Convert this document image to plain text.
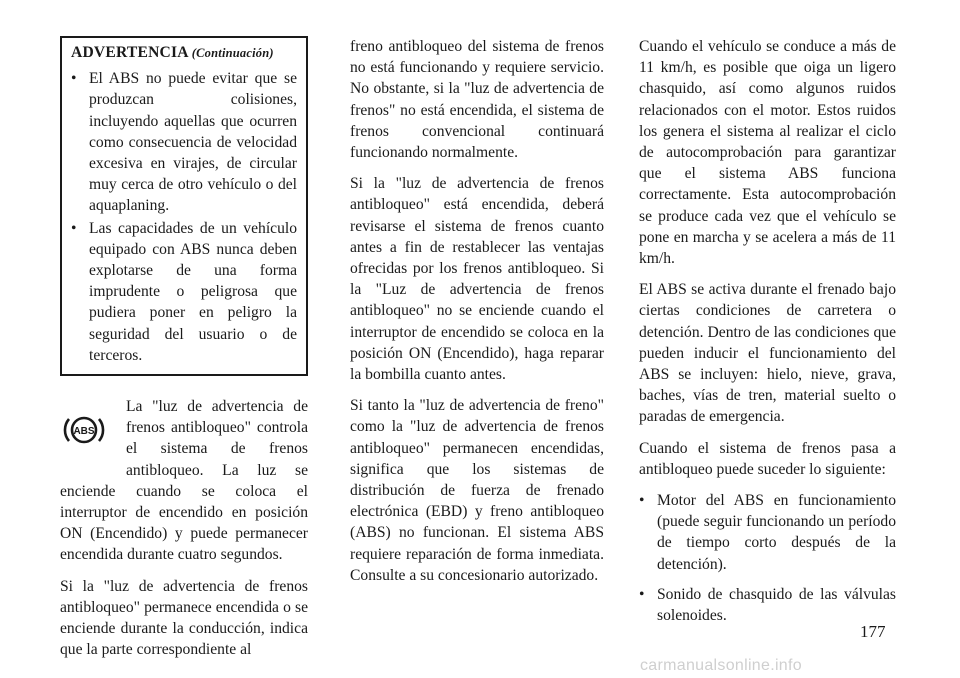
ADVERTENCIA (Continuación)
• El ABS no puede evitar que se produzcan colisiones, incluyendo aquellas que ocurren como consecuencia de velocidad excesiva en virajes, de circular muy cerca de otro vehículo o del aquaplaning.
• Las capacidades de un vehículo equipado con ABS nunca deben explotarse de una forma imprudente o peligrosa que pudiera poner en peligro la seguridad del usuario o de terceros.

ABS
La "luz de advertencia de frenos antibloqueo" controla el sistema de frenos antibloqueo. La luz se enciende cuando se coloca el interruptor de encendido en posición ON (Encendido) y puede permanecer encendida durante cuatro segundos.

Si la "luz de advertencia de frenos antibloqueo" permanece encendida o se enciende durante la conducción, indica que la parte correspondiente al

freno antibloqueo del sistema de frenos no está funcionando y requiere servicio. No obstante, si la "luz de advertencia de frenos" no está encendida, el sistema de frenos convencional continuará funcionando normalmente.

Si la "luz de advertencia de frenos antibloqueo" está encendida, deberá revisarse el sistema de frenos cuanto antes a fin de restablecer las ventajas ofrecidas por los frenos antibloqueo. Si la "Luz de advertencia de frenos antibloqueo" no se enciende cuando el interruptor de encendido se coloca en la posición ON (Encendido), haga reparar la bombilla cuanto antes.

Si tanto la "luz de advertencia de freno" como la "luz de advertencia de frenos antibloqueo" permanecen encendidas, significa que los sistemas de distribución de fuerza de frenado electrónica (EBD) y freno antibloqueo (ABS) no funcionan. El sistema ABS requiere reparación de forma inmediata. Consulte a su concesionario autorizado.

Cuando el vehículo se conduce a más de 11 km/h, es posible que oiga un ligero chasquido, así como algunos ruidos relacionados con el motor. Estos ruidos los genera el sistema al realizar el ciclo de autocomprobación para garantizar que el sistema ABS funciona correctamente. Esta autocomprobación se produce cada vez que el vehículo se pone en marcha y se acelera a más de 11 km/h.

El ABS se activa durante el frenado bajo ciertas condiciones de carretera o detención. Dentro de las condiciones que pueden inducir el funcionamiento del ABS se incluyen: hielo, nieve, grava, baches, vías de tren, material suelto o paradas de emergencia.

Cuando el sistema de frenos pasa a antibloqueo puede suceder lo siguiente:

• Motor del ABS en funcionamiento (puede seguir funcionando un período de tiempo corto después de la detención).
• Sonido de chasquido de las válvulas solenoides.
177
carmanualsonline.info
